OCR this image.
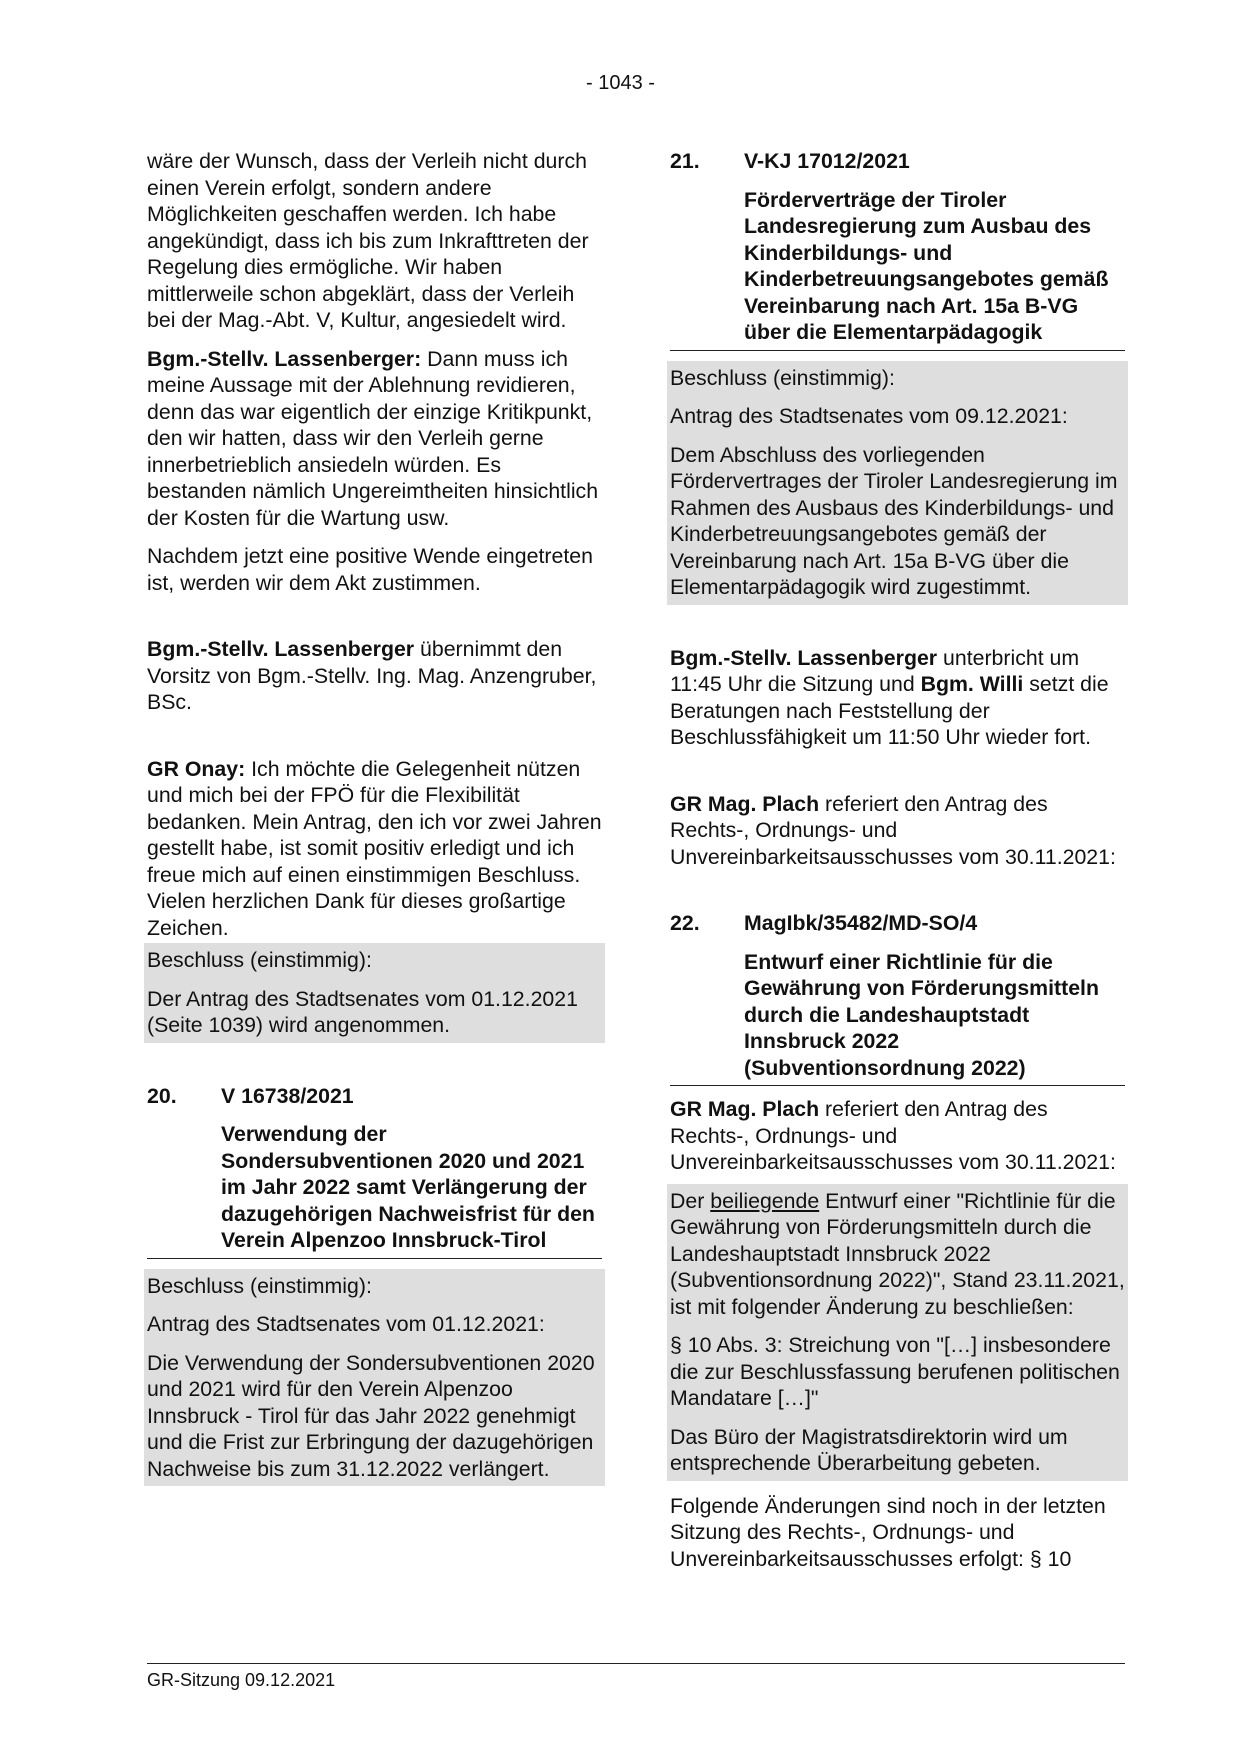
- 1043 -

wäre der Wunsch, dass der Verleih nicht durch einen Verein erfolgt, sondern andere Möglichkeiten geschaffen werden. Ich habe angekündigt, dass ich bis zum Inkrafttreten der Regelung dies ermögliche. Wir haben mittlerweile schon abgeklärt, dass der Verleih bei der Mag.-Abt. V, Kultur, angesiedelt wird.

Bgm.-Stellv. Lassenberger: Dann muss ich meine Aussage mit der Ablehnung revidieren, denn das war eigentlich der einzige Kritikpunkt, den wir hatten, dass wir den Verleih gerne innerbetrieblich ansiedeln würden. Es bestanden nämlich Ungereimtheiten hinsichtlich der Kosten für die Wartung usw.

Nachdem jetzt eine positive Wende eingetreten ist, werden wir dem Akt zustimmen.

Bgm.-Stellv. Lassenberger übernimmt den Vorsitz von Bgm.-Stellv. Ing. Mag. Anzengruber, BSc.

GR Onay: Ich möchte die Gelegenheit nützen und mich bei der FPÖ für die Flexibilität bedanken. Mein Antrag, den ich vor zwei Jahren gestellt habe, ist somit positiv erledigt und ich freue mich auf einen einstimmigen Beschluss. Vielen herzlichen Dank für dieses großartige Zeichen.

Beschluss (einstimmig):

Der Antrag des Stadtsenates vom 01.12.2021 (Seite 1039) wird angenommen.

20.	V 16738/2021
Verwendung der Sondersubventionen 2020 und 2021 im Jahr 2022 samt Verlängerung der dazugehörigen Nachweisfrist für den Verein Alpenzoo Innsbruck-Tirol

Beschluss (einstimmig):

Antrag des Stadtsenates vom 01.12.2021:

Die Verwendung der Sondersubventionen 2020 und 2021 wird für den Verein Alpenzoo Innsbruck - Tirol für das Jahr 2022 genehmigt und die Frist zur Erbringung der dazugehörigen Nachweise bis zum 31.12.2022 verlängert.

21.	V-KJ 17012/2021
Förderverträge der Tiroler Landesregierung zum Ausbau des Kinderbildungs- und Kinderbetreuungsangebotes gemäß Vereinbarung nach Art. 15a B-VG über die Elementarpädagogik

Beschluss (einstimmig):

Antrag des Stadtsenates vom 09.12.2021:

Dem Abschluss des vorliegenden Fördervertrages der Tiroler Landesregierung im Rahmen des Ausbaus des Kinderbildungs- und Kinderbetreuungsangebotes gemäß der Vereinbarung nach Art. 15a B-VG über die Elementarpädagogik wird zugestimmt.

Bgm.-Stellv. Lassenberger unterbricht um 11:45 Uhr die Sitzung und Bgm. Willi setzt die Beratungen nach Feststellung der Beschlussfähigkeit um 11:50 Uhr wieder fort.

GR Mag. Plach referiert den Antrag des Rechts-, Ordnungs- und Unvereinbarkeitsausschusses vom 30.11.2021:

22.	MagIbk/35482/MD-SO/4
Entwurf einer Richtlinie für die Gewährung von Förderungsmitteln durch die Landeshauptstadt Innsbruck 2022 (Subventionsordnung 2022)

GR Mag. Plach referiert den Antrag des Rechts-, Ordnungs- und Unvereinbarkeitsausschusses vom 30.11.2021:

Der beiliegende Entwurf einer "Richtlinie für die Gewährung von Förderungsmitteln durch die Landeshauptstadt Innsbruck 2022 (Subventionsordnung 2022)", Stand 23.11.2021, ist mit folgender Änderung zu beschließen:

§ 10 Abs. 3: Streichung von "[…] insbesondere die zur Beschlussfassung berufenen politischen Mandatare […]"

Das Büro der Magistratsdirektorin wird um entsprechende Überarbeitung gebeten.

Folgende Änderungen sind noch in der letzten Sitzung des Rechts-, Ordnungs- und Unvereinbarkeitsausschusses erfolgt: § 10

GR-Sitzung 09.12.2021
